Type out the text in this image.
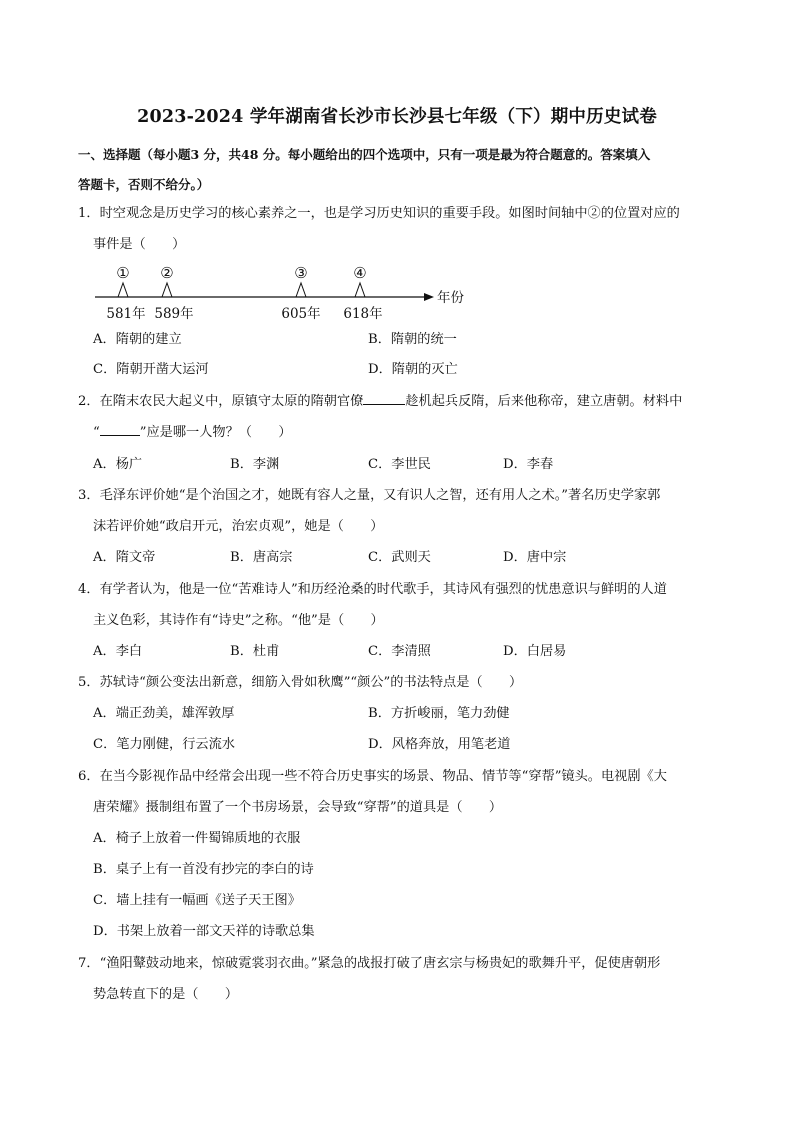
2023-2024 学年湖南省长沙市长沙县七年级（下）期中历史试卷
一、选择题（每小题3 分，共48 分。每小题给出的四个选项中，只有一项是最为符合题意的。答案填入
答题卡，否则不给分。）
1．时空观念是历史学习的核心素养之一，也是学习历史知识的重要手段。如图时间轴中②的位置对应的
事件是（　　）
年份
①
581年
②
589年
③
605年
④
618年
A．隋朝的建立	B．隋朝的统一
C．隋朝开凿大运河	D．隋朝的灭亡
2．在隋末农民大起义中，原镇守太原的隋朝官僚	趁机起兵反隋，后来他称帝，建立唐朝。材料中
“	”应是哪一人物？（　　）
A．杨广	B．李渊	C．李世民	D．李春
3．毛泽东评价她“是个治国之才，她既有容人之量，又有识人之智，还有用人之术。”著名历史学家郭
沫若评价她“政启开元，治宏贞观”，她是（　　）
A．隋文帝	B．唐高宗	C．武则天	D．唐中宗
4．有学者认为，他是一位“苦难诗人”和历经沧桑的时代歌手，其诗风有强烈的忧患意识与鲜明的人道
主义色彩，其诗作有“诗史”之称。“他”是（　　）
A．李白	B．杜甫	C．李清照	D．白居易
5．苏轼诗“颜公变法出新意，细筋入骨如秋鹰”“颜公”的书法特点是（　　）
A．端正劲美，雄浑敦厚	B．方折峻丽，笔力劲健
C．笔力刚健，行云流水	D．风格奔放，用笔老道
6．在当今影视作品中经常会出现一些不符合历史事实的场景、物品、情节等“穿帮”镜头。电视剧《大
唐荣耀》摄制组布置了一个书房场景，会导致“穿帮”的道具是（　　）
A．椅子上放着一件蜀锦质地的衣服
B．桌子上有一首没有抄完的李白的诗
C．墙上挂有一幅画《送子天王图》
D．书架上放着一部文天祥的诗歌总集
7．“渔阳鼙鼓动地来，惊破霓裳羽衣曲。”紧急的战报打破了唐玄宗与杨贵妃的歌舞升平，促使唐朝形
势急转直下的是（　　）
